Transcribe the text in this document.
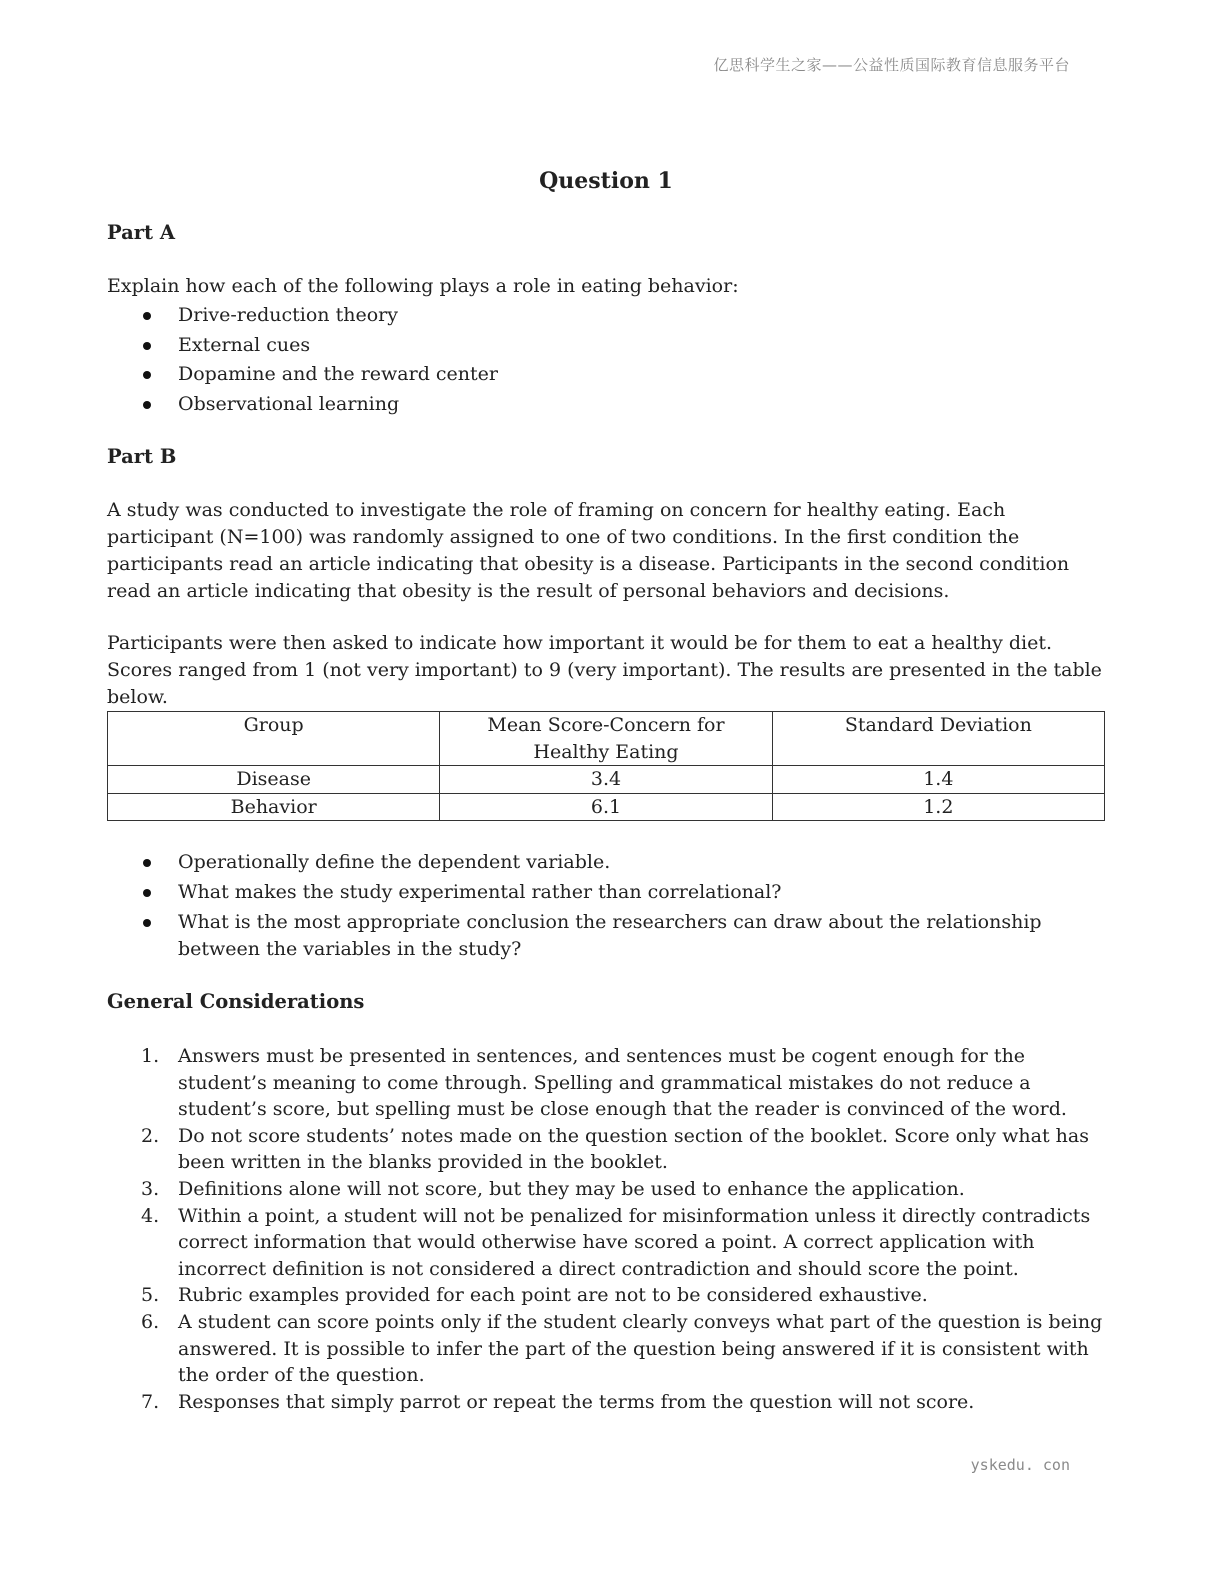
亿思科学生之家——公益性质国际教育信息服务平台
Question 1
Part A

Explain how each of the following plays a role in eating behavior:

Drive-reduction theory
External cues
Dopamine and the reward center
Observational learning
Part B

A study was conducted to investigate the role of framing on concern for healthy eating. Each participant (N=100) was randomly assigned to one of two conditions. In the first condition the participants read an article indicating that obesity is a disease. Participants in the second condition read an article indicating that obesity is the result of personal behaviors and decisions.

Participants were then asked to indicate how important it would be for them to eat a healthy diet. Scores ranged from 1 (not very important) to 9 (very important). The results are presented in the table below.

Group	Mean Score-Concern for Healthy Eating	Standard Deviation
Disease	3.4	1.4
Behavior	6.1	1.2
Operationally define the dependent variable.
What makes the study experimental rather than correlational?
What is the most appropriate conclusion the researchers can draw about the relationship between the variables in the study?
General Considerations
1. Answers must be presented in sentences, and sentences must be cogent enough for the student’s meaning to come through. Spelling and grammatical mistakes do not reduce a student’s score, but spelling must be close enough that the reader is convinced of the word.
2. Do not score students’ notes made on the question section of the booklet. Score only what has been written in the blanks provided in the booklet.
3. Definitions alone will not score, but they may be used to enhance the application.
4. Within a point, a student will not be penalized for misinformation unless it directly contradicts correct information that would otherwise have scored a point. A correct application with incorrect definition is not considered a direct contradiction and should score the point.
5. Rubric examples provided for each point are not to be considered exhaustive.
6. A student can score points only if the student clearly conveys what part of the question is being answered. It is possible to infer the part of the question being answered if it is consistent with the order of the question.
7. Responses that simply parrot or repeat the terms from the question will not score.
yskedu. con
